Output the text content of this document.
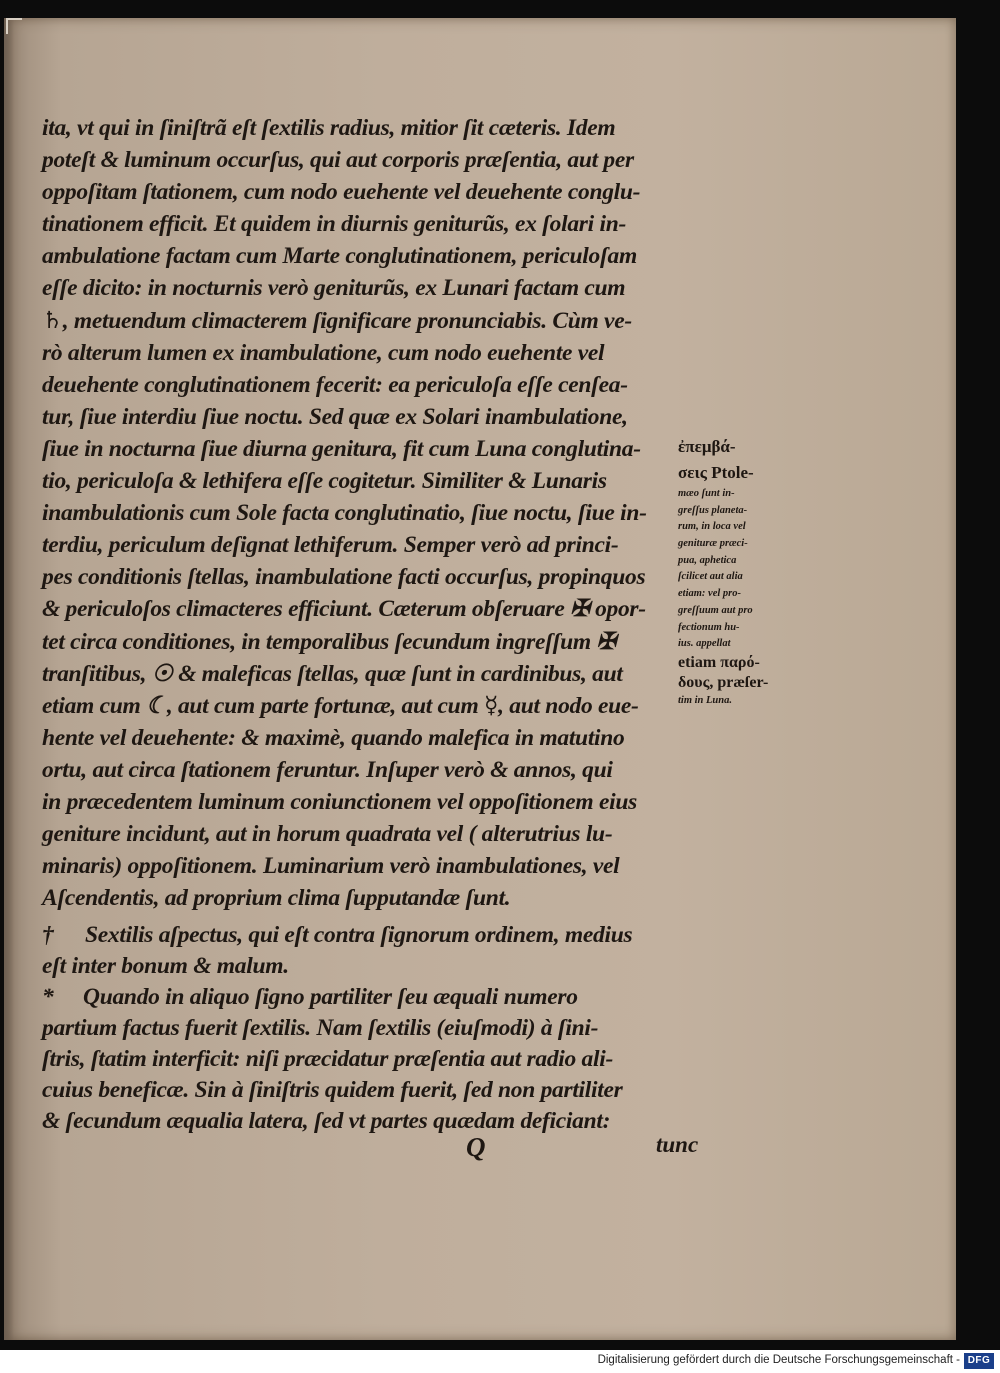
ita, vt qui in ſiniſtrã eſt ſextilis radius, mitior ſit cæteris. Idem
poteſt & luminum occurſus, qui aut corporis præſentia, aut per
oppoſitam ſtationem, cum nodo euehente vel deuehente conglu-
tinationem efficit. Et quidem in diurnis geniturũs, ex ſolari in-
ambulatione factam cum Marte conglutinationem, periculoſam
eſſe dicito: in nocturnis verò geniturũs, ex Lunari factam cum
♄, metuendum climacterem ſignificare pronunciabis. Cùm ve-
rò alterum lumen ex inambulatione, cum nodo euehente vel
deuehente conglutinationem fecerit: ea periculoſa eſſe cenſea-
tur, ſiue interdiu ſiue noctu. Sed quæ ex Solari inambulatione,
ſiue in nocturna ſiue diurna genitura, fit cum Luna conglutina-
tio, periculoſa & lethifera eſſe cogitetur. Similiter & Lunaris
inambulationis cum Sole facta conglutinatio, ſiue noctu, ſiue in-
terdiu, periculum deſignat lethiferum. Semper verò ad princi-
pes conditionis ſtellas, inambulatione facti occurſus, propinquos
& periculoſos climacteres efficiunt. Cæterum obſeruare ✠ opor-
tet circa conditiones, in temporalibus ſecundum ingreſſum ✠
tranſitibus, ☉ & maleficas ſtellas, quæ ſunt in cardinibus, aut
etiam cum ☾, aut cum parte fortunæ, aut cum ☿, aut nodo eue-
hente vel deuehente: & maximè, quando malefica in matutino
ortu, aut circa ſtationem feruntur. Inſuper verò & annos, qui
in præcedentem luminum coniunctionem vel oppoſitionem eius
geniture incidunt, aut in horum quadrata vel ( alterutrius lu-
minaris) oppoſitionem. Luminarium verò inambulationes, vel
Aſcendentis, ad proprium clima ſupputandæ ſunt.
† Sextilis aſpectus, qui eſt contra ſignorum ordinem, medius
eſt inter bonum & malum.
* Quando in aliquo ſigno partiliter ſeu æquali numero
partium factus fuerit ſextilis. Nam ſextilis (eiuſmodi) à ſini-
ſtris, ſtatim interficit: niſi præcidatur præſentia aut radio ali-
cuius beneficæ. Sin à ſiniſtris quidem fuerit, ſed non partiliter
& ſecundum æqualia latera, ſed vt partes quædam deficiant:
Q	tunc
ἐπεμβά-
σεις Ptole-
mæo ſunt in-
greſſus planeta-
rum, in loca vel
genituræ præci-
pua, aphetica
ſcilicet aut alia
etiam: vel pro-
greſſuum aut pro
fectionum hu-
ius. appellat
etiam παρό-
δους, præſer-
tim in Luna.
Digitalisierung gefördert durch die Deutsche Forschungsgemeinschaft - DFG
